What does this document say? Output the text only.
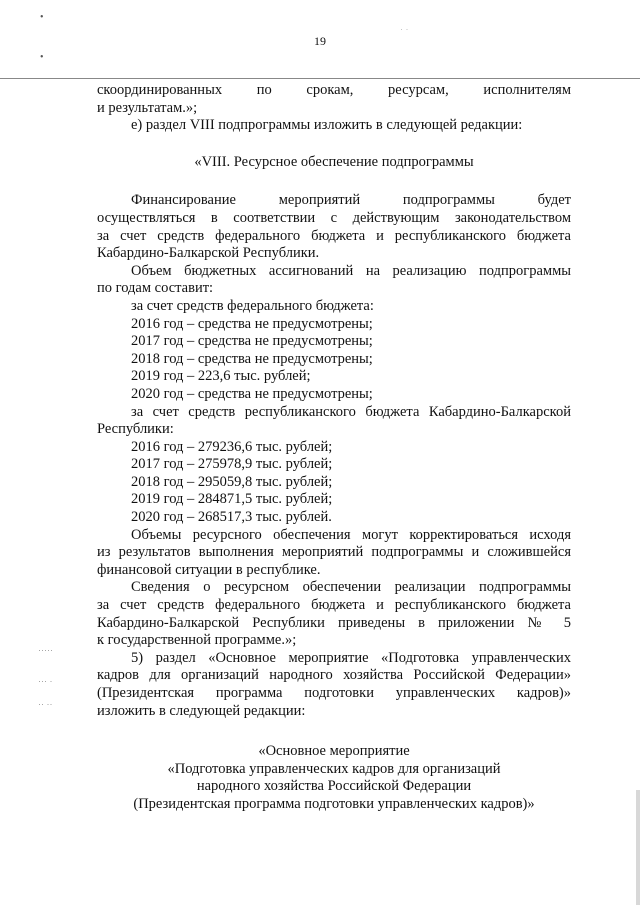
•
•
19
· ·
·····
··· ·
·· ··
скоординированных по срокам, ресурсам, исполнителям
и результатам.»;
е) раздел VIII подпрограммы изложить в следующей редакции:
«VIII. Ресурсное обеспечение подпрограммы
Финансирование мероприятий подпрограммы будет
осуществляться в соответствии с действующим законодательством
за счет средств федерального бюджета и республиканского бюджета
Кабардино-Балкарской Республики.
Объем бюджетных ассигнований на реализацию подпрограммы
по годам составит:
за счет средств федерального бюджета:
2016 год – средства не предусмотрены;
2017 год – средства не предусмотрены;
2018 год – средства не предусмотрены;
2019 год – 223,6 тыс. рублей;
2020 год – средства не предусмотрены;
за счет средств республиканского бюджета Кабардино-Балкарской
Республики:
2016 год – 279236,6 тыс. рублей;
2017 год – 275978,9 тыс. рублей;
2018 год – 295059,8 тыс. рублей;
2019 год – 284871,5 тыс. рублей;
2020 год – 268517,3 тыс. рублей.
Объемы ресурсного обеспечения могут корректироваться исходя
из результатов выполнения мероприятий подпрограммы и сложившейся
финансовой ситуации в республике.
Сведения о ресурсном обеспечении реализации подпрограммы
за счет средств федерального бюджета и республиканского бюджета
Кабардино-Балкарской Республики приведены в приложении № 5
к государственной программе.»;
5) раздел «Основное мероприятие «Подготовка управленческих
кадров для организаций народного хозяйства Российской Федерации»
(Президентская программа подготовки управленческих кадров)»
изложить в следующей редакции:
«Основное мероприятие
«Подготовка управленческих кадров для организаций
народного хозяйства Российской Федерации
(Президентская программа подготовки управленческих кадров)»
